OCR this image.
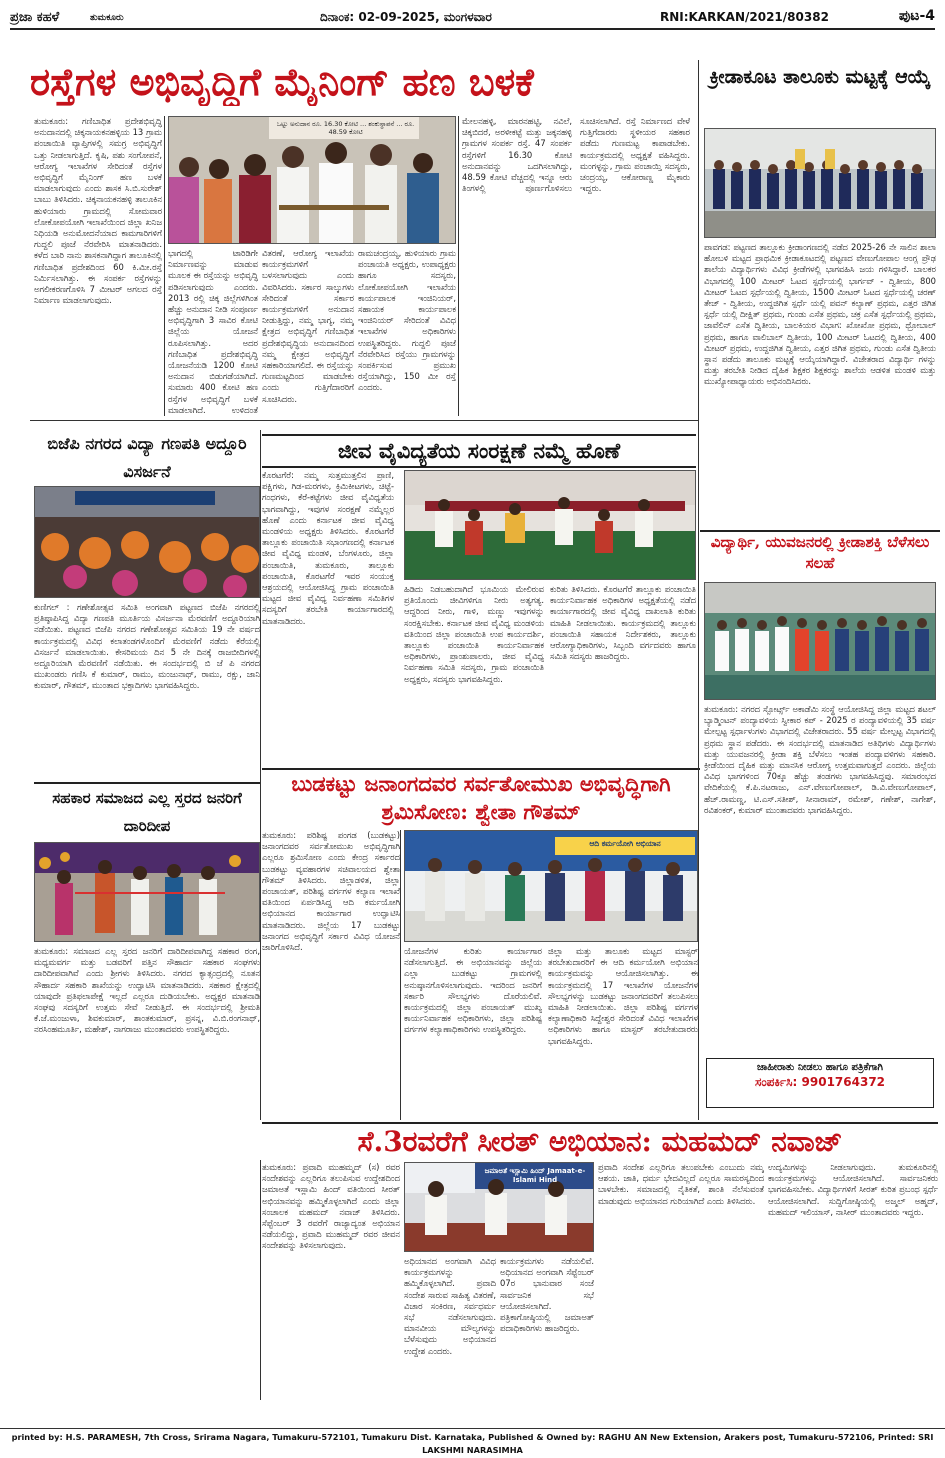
ಪ್ರಜಾ ಕಹಳೆ	ತುಮಕೂರು	ದಿನಾಂಕ: 02-09-2025, ಮಂಗಳವಾರ	RNI:KARKAN/2021/80382	ಪುಟ-4
ರಸ್ತೆಗಳ ಅಭಿವೃದ್ಧಿಗೆ ಮೈನಿಂಗ್ ಹಣ ಬಳಕೆ
ಒಟ್ಟು ಅನುದಾನ ರೂ. 16.30 ಕೋಟಿ ... ಶಂಕುಸ್ಥಾಪನೆ ... ರೂ. 48.59 ಕೋಟಿ
ತುಮಕೂರು: ಗಣಿಬಾಧಿತ ಪ್ರದೇಶಭಿವೃದ್ಧಿ ಅನುದಾನದಲ್ಲಿ ಚಿಕ್ಕನಾಯಕನಹಳ್ಳಿಯ 13 ಗ್ರಾಮ ಪಂಚಾಯಿತಿ ವ್ಯಾಪ್ತಿಗಳಲ್ಲಿ ಸಮಗ್ರ ಅಭಿವೃದ್ಧಿಗೆ ಒತ್ತು ನೀಡಲಾಗುತ್ತಿದೆ. ಕೃಷಿ, ಪಶು ಸಂಗೋಪನೆ, ಆರೋಗ್ಯ ಇಲಾಖೆಗಳ ಸೇರಿದಂತೆ ರಸ್ತೆಗಳ ಅಭಿವೃದ್ಧಿಗೆ ಮೈನಿಂಗ್ ಹಣ ಬಳಕೆ ಮಾಡಲಾಗುವುದು ಎಂದು ಶಾಸಕ ಸಿ.ಬಿ.ಸುರೇಶ್ ಬಾಬು ತಿಳಿಸಿದರು. ಚಿಕ್ಕನಾಯಕನಹಳ್ಳಿ ತಾಲೂಕಿನ ಹುಳಿಯಾರು ಗ್ರಾಮದಲ್ಲಿ ಸೋಮವಾರ ಲೋಕೋಪಯೋಗಿ ಇಲಾಖೆಯಿಂದ ಜಿಲ್ಲಾ ಖನಿಜ ನಿಧಿಯಡಿ ಅನುಮೋದನೆಯಾದ ಕಾಮಗಾರಿಗಳಿಗೆ ಗುದ್ದಲಿ ಪೂಜೆ ನೆರವೇರಿಸಿ ಮಾತನಾಡಿದರು. ಕಳೆದ ಬಾರಿ ನಾನು ಶಾಸಕನಾಗಿದ್ದಾಗ ತಾಲೂಕಿನಲ್ಲಿ ಗಣಿಬಾಧಿತ ಪ್ರದೇಶದಿಂದ 60 ಕಿ.ಮೀ.ರಸ್ತೆ ನಿರ್ಮಿಸಲಾಗಿತ್ತು. ಈ ಸಂಪರ್ಕ ರಸ್ತೆಗಳನ್ನು ಅಗಲೀಕರಣಗೊಳಿಸಿ 7 ಮೀಟರ್ ಅಗಲದ ರಸ್ತೆ ನಿರ್ಮಾಣ ಮಾಡಲಾಗುವುದು.
ಭಾಗದಲ್ಲಿ ಟಾರಿಡಿಗೇ ನಿರ್ಮಾಣವನ್ನು ಮಾಡುವ ಮೂಲಕ ಈ ರಸ್ತೆಯನ್ನು ಅಭಿವೃದ್ಧಿ ಪಡಿಸಲಾಗುವುದು ಎಂದರು. 2013 ರಲ್ಲಿ ಚಿಕ್ಕ ಜಿಲ್ಲೆಗಳಿಗಿಂತ ಹೆಚ್ಚು ಅನುದಾನ ನೀಡಿ ಸಂಪೂರ್ಣ ಅಭಿವೃದ್ಧಿಗಾಗಿ 3 ಸಾವಿರ ಕೋಟಿ ಜಿಲ್ಲೆಯ ಯೋಜನೆ ರೂಪಿಸಲಾಗಿತ್ತು. ಅದರ ಗಣಿಬಾಧಿತ ಪ್ರದೇಶಭಿವೃದ್ಧಿ ಯೋಜನೆಯಡಿ 1200 ಕೋಟಿ ಅನುದಾನ ಬಿಡುಗಡೆಯಾಗಿದೆ. ಸುಮಾರು 400 ಕೋಟಿ ಹಣ ರಸ್ತೆಗಳ ಅಭಿವೃದ್ಧಿಗೆ ಬಳಕೆ ಮಾಡಲಾಗಿದೆ. ಉಳಿದಂತೆ
ವಿತರಣೆ, ಆರೋಗ್ಯ ಇಲಾಖೆಯ ಕಾರ್ಯಕ್ರಮಗಳಿಗೆ ಬಳಸಲಾಗುವುದು ಎಂದು ವಿವರಿಸಿದರು. ಸರ್ಕಾರ ಸಾಲ್ಕುಗಳು ಸೇರಿದಂತೆ ಸರ್ಕಾರ ಕಾರ್ಯಕ್ರಮಗಳಿಗೆ ಅನುದಾನ ನೀಡುತ್ತಿದ್ದು, ನಮ್ಮ ಭಾಗ್ಯ, ನಮ್ಮ ಕ್ಷೇತ್ರದ ಅಭಿವೃದ್ಧಿಗೆ ಗಣಿಬಾಧಿತ ಪ್ರದೇಶಭಿವೃದ್ಧಿಯ ಅನುದಾನದಿಂದ ನಮ್ಮ ಕ್ಷೇತ್ರದ ಅಭಿವೃದ್ಧಿಗೆ ಸಹಕಾರಿಯಾಗಲಿದೆ. ಈ ರಸ್ತೆಯನ್ನು ಗುಣಮಟ್ಟದಿಂದ ಮಾಡಬೇಕು ಎಂದು ಗುತ್ತಿಗೆದಾರರಿಗೆ ಸೂಚಿಸಿದರು.
ರಾಮಚಂದ್ರಯ್ಯ, ಹುಳಿಯಾರು ಗ್ರಾಮ ಪಂಚಾಯತಿ ಅಧ್ಯಕ್ಷರು, ಉಪಾಧ್ಯಕ್ಷರು ಹಾಗೂ ಸದಸ್ಯರು, ಲೋಕೋಪಯೋಗಿ ಇಲಾಖೆಯ ಕಾರ್ಯಪಾಲಕ ಇಂಜಿನಿಯರ್, ಸಹಾಯಕ ಕಾರ್ಯಪಾಲಕ ಇಂಜಿನಿಯರ್ ಸೇರಿದಂತೆ ವಿವಿಧ ಇಲಾಖೆಗಳ ಅಧಿಕಾರಿಗಳು ಉಪಸ್ಥಿತರಿದ್ದರು. ಗುದ್ದಲಿ ಪೂಜೆ ನೆರವೇರಿಸಿದ ರಸ್ತೆಯು ಗ್ರಾಮಗಳನ್ನು ಸಂಪರ್ಕಿಸುವ ಪ್ರಮುಖ ರಸ್ತೆಯಾಗಿದ್ದು, 150 ಮೀ ರಸ್ತೆ ಎಂದರು.
ಮೇಲನಹಳ್ಳಿ, ಮಾರನಹಟ್ಟಿ, ನವಿಲೆ, ಚಿಕ್ಕಬಿದರೆ, ಅರಳೀಕಟ್ಟೆ ಮತ್ತು ಜಕ್ಕನಹಳ್ಳಿ ಗ್ರಾಮಗಳ ಸಂಪರ್ಕ ರಸ್ತೆ. 47 ಸಂಪರ್ಕ ರಸ್ತೆಗಳಿಗೆ 16.30 ಕೋಟಿ ಅನುದಾನವನ್ನು ಒದಗಿಸಲಾಗಿದ್ದು, 48.59 ಕೋಟಿ ವೆಚ್ಚದಲ್ಲಿ ಇನ್ನೂ ಆರು ತಿಂಗಳಲ್ಲಿ ಪೂರ್ಣಗೊಳಿಸಲು ಸೂಚಿಸಲಾಗಿದೆ. ರಸ್ತೆ ನಿರ್ಮಾಣದ ವೇಳೆ ಗುತ್ತಿಗೆದಾರರು ಸ್ಥಳೀಯರ ಸಹಕಾರ ಪಡೆದು ಗುಣಮಟ್ಟ ಕಾಪಾಡಬೇಕು. ಕಾರ್ಯಕ್ರಮದಲ್ಲಿ ಅಧ್ಯಕ್ಷತೆ ವಹಿಸಿದ್ದರು. ಮಂಗಳ್ಳನ್ನು, ಗ್ರಾಮ ಪಂಚಾಯ್ತಿ ಸದಸ್ಯರು, ಚಂದ್ರಯ್ಯ, ಆಕೋರಾಣ್ಣ ಮೈಕಾರು ಇದ್ದರು.
ಕ್ರೀಡಾಕೂಟ ತಾಲೂಕು ಮಟ್ಟಕ್ಕೆ ಆಯ್ಕೆ
ಪಾವಗಡ: ಪಟ್ಟಣದ ತಾಲ್ಲೂಕು ಕ್ರೀಡಾಂಗಣದಲ್ಲಿ ನಡೆದ 2025-26 ನೇ ಸಾಲಿನ ಶಾಲಾ ಹೋಬಳಿ ಮಟ್ಟದ ಪ್ರಾಥಮಿಕ ಕ್ರೀಡಾಕೂಟದಲ್ಲಿ ಪಟ್ಟಣದ ವೇಣುಗೋಪಾಲ ಆಂಗ್ಲ ಪ್ರೌಢ ಶಾಲೆಯ ವಿದ್ಯಾರ್ಥಿಗಳು ವಿವಿಧ ಕ್ರೀಡೆಗಳಲ್ಲಿ ಭಾಗವಹಿಸಿ ಜಯ ಗಳಿಸಿದ್ದಾರೆ. ಬಾಲಕರ ವಿಭಾಗದಲ್ಲಿ 100 ಮೀಟರ್ ಓಟದ ಸ್ಪರ್ಧೆಯಲ್ಲಿ ಭಾರ್ಗವ್ - ದ್ವಿತೀಯ, 800 ಮೀಟರ್ ಓಟದ ಸ್ಪರ್ಧೆಯಲ್ಲಿ ದ್ವಿತೀಯ, 1500 ಮೀಟರ್ ಓಟದ ಸ್ಪರ್ಧೆಯಲ್ಲಿ ಚರಣ್ ತೇಜ್ - ದ್ವಿತೀಯ, ಉದ್ದಜಿಗಿತ ಸ್ಪರ್ಧೆ ಯಲ್ಲಿ ಪವನ್ ಕಲ್ಯಾಣ್ ಪ್ರಥಮ, ಎತ್ತರ ಜಿಗಿತ ಸ್ಪರ್ಧೆ ಯಲ್ಲಿ ದೀಕ್ಷಿತ್ ಪ್ರಥಮ, ಗುಂಡು ಎಸೆತ ಪ್ರಥಮ, ಚಕ್ರ ಎಸೆತ ಸ್ಪರ್ಧೆಯಲ್ಲಿ ಪ್ರಥಮ, ಜಾವೆಲಿನ್ ಎಸೆತ ದ್ವಿತೀಯ, ಬಾಲಕಿಯರ ವಿಭಾಗ: ಖೋಖೋ ಪ್ರಥಮ, ಥ್ರೋಬಾಲ್ ಪ್ರಥಮ, ಹಾಗೂ ವಾಲಿಬಾಲ್ ದ್ವಿತೀಯ, 100 ಮೀಟರ್ ಓಟದಲ್ಲಿ ದ್ವಿತೀಯ, 400 ಮೀಟರ್ ಪ್ರಥಮ, ಉದ್ದಜಿಗಿತ ದ್ವಿತೀಯ, ಎತ್ತರ ಜಿಗಿತ ಪ್ರಥಮ, ಗುಂಡು ಎಸೆತ ದ್ವಿತೀಯ ಸ್ಥಾನ ಪಡೆದು ತಾಲೂಕು ಮಟ್ಟಕ್ಕೆ ಆಯ್ಕೆಯಾಗಿದ್ದಾರೆ. ವಿಜೇತರಾದ ವಿದ್ಯಾರ್ಥಿ ಗಳನ್ನು ಮತ್ತು ತರಬೇತಿ ನೀಡಿದ ದೈಹಿಕ ಶಿಕ್ಷಕರ ಶಿಕ್ಷಕರನ್ನು ಶಾಲೆಯ ಆಡಳಿತ ಮಂಡಳಿ ಮತ್ತು ಮುಖ್ಯೋಪಾಧ್ಯಾಯರು ಅಭಿನಂದಿಸಿದರು.
ಬಿಜೆಪಿ ನಗರದ ವಿದ್ಯಾ ಗಣಪತಿ ಅದ್ದೂರಿ ವಿಸರ್ಜನೆ
ಕುಣಿಗಲ್ : ಗಣೇಶೋತ್ಸವ ಸಮಿತಿ ಅಂಗವಾಗಿ ಪಟ್ಟಣದ ಬಿಜೆಪಿ ನಗರದಲ್ಲಿ ಪ್ರತಿಷ್ಠಾಪಿಸಿದ್ದ ವಿದ್ಯಾ ಗಣಪತಿ ಮೂರ್ತಿಯ ವಿಸರ್ಜನಾ ಮೆರವಣಿಗೆ ಅದ್ದೂರಿಯಾಗಿ ನಡೆಯಿತು. ಪಟ್ಟಣದ ಬಿಜೆಪಿ ನಗರದ ಗಣೇಶೋತ್ಸವ ಸಮಿತಿಯ 19 ನೇ ವರ್ಷದ ಕಾರ್ಯಕ್ರಮದಲ್ಲಿ ವಿವಿಧ ಕಲಾತಂಡಗಳೊಂದಿಗೆ ಮೆರವಣಿಗೆ ನಡೆದು ಕೆರೆಯಲ್ಲಿ ವಿಸರ್ಜನೆ ಮಾಡಲಾಯಿತು. ಕೇಸರಿಮಯ ದಿನ 5 ನೇ ದಿನಕ್ಕೆ ರಾಜಬೀದಿಗಳಲ್ಲಿ ಅದ್ದೂರಿಯಾಗಿ ಮೆರವಣಿಗೆ ನಡೆಯಿತು. ಈ ಸಂದರ್ಭದಲ್ಲಿ ಬಿ ಜೆ ಪಿ ನಗರದ ಮುಖಂಡರು ಗಣಿಸಿ ಕೆ ಕುಮಾರ್, ರಾಮು, ಮಂಜುನಾಥ್, ರಾಮು, ರಕ್ಷು, ಜಾನಿ ಕುಮಾರ್, ಗೌತಮ್, ಮುಂತಾದ ಭಕ್ತಾದಿಗಳು ಭಾಗವಹಿಸಿದ್ದರು.
ಜೀವ ವೈವಿದ್ಯತೆಯ ಸಂರಕ್ಷಣೆ ನಮ್ಮೆ ಹೊಣೆ
ಕೊರಟಗೆರೆ: ನಮ್ಮ ಸುತ್ತಮುತ್ತಲಿನ ಪ್ರಾಣಿ, ಪಕ್ಷಿಗಳು, ಗಿಡ-ಮರಗಳು, ಕ್ರಿಮಿಕೀಟಗಳು, ಚಿಟ್ಟೆ-ಗಂಧಗಳು, ಕೆರೆ-ಕಟ್ಟೆಗಳು ಜೀವ ವೈವಿಧ್ಯತೆಯ ಭಾಗವಾಗಿದ್ದು, ಇವುಗಳ ಸಂರಕ್ಷಣೆ ನಮ್ಮೆಲ್ಲರ ಹೊಣೆ ಎಂದು ಕರ್ನಾಟಕ ಜೀವ ವೈವಿಧ್ಯ ಮಂಡಳಿಯ ಅಧ್ಯಕ್ಷರು ತಿಳಿಸಿದರು. ಕೊರಟಗೆರೆ ತಾಲ್ಲೂಕು ಪಂಚಾಯಿತಿ ಸಭಾಂಗಣದಲ್ಲಿ ಕರ್ನಾಟಕ ಜೀವ ವೈವಿಧ್ಯ ಮಂಡಳಿ, ಬೆಂಗಳೂರು, ಜಿಲ್ಲಾ ಪಂಚಾಯಿತಿ, ತುಮಕೂರು, ತಾಲ್ಲೂಕು ಪಂಚಾಯಿತಿ, ಕೊರಟಗೆರೆ ಇವರ ಸಂಯುಕ್ತ ಆಶ್ರಯದಲ್ಲಿ ಆಯೋಜಿಸಿದ್ದ ಗ್ರಾಮ ಪಂಚಾಯಿತಿ ಮಟ್ಟದ ಜೀವ ವೈವಿಧ್ಯ ನಿರ್ವಹಣಾ ಸಮಿತಿಗಳ ಸದಸ್ಯರಿಗೆ ತರಬೇತಿ ಕಾರ್ಯಾಗಾರದಲ್ಲಿ ಮಾತನಾಡಿದರು.
ಹಿಡಿದು ನಿಡಬಹುದಾಗಿದೆ ಭೂಮಿಯ ಮೇಲಿರುವ ಪ್ರತಿಯೊಂದು ಜೀವಿಗಳಿಗೂ ನೀರು ಅತ್ಯಗತ್ಯ. ಆದ್ದರಿಂದ ನೀರು, ಗಾಳಿ, ಮಣ್ಣು ಇವುಗಳನ್ನು ಸಂರಕ್ಷಿಸಬೇಕು. ಕರ್ನಾಟಕ ಜೀವ ವೈವಿಧ್ಯ ಮಂಡಳಿಯ ವತಿಯಿಂದ ಜಿಲ್ಲಾ ಪಂಚಾಯಿತಿ ಉಪ ಕಾರ್ಯದರ್ಶಿ, ತಾಲ್ಲೂಕು ಪಂಚಾಯಿತಿ ಕಾರ್ಯನಿರ್ವಾಹಕ ಅಧಿಕಾರಿಗಳು, ಪ್ರಾಂಶುಪಾಲರು, ಜೀವ ವೈವಿಧ್ಯ ನಿರ್ವಹಣಾ ಸಮಿತಿ ಸದಸ್ಯರು, ಗ್ರಾಮ ಪಂಚಾಯಿತಿ ಅಧ್ಯಕ್ಷರು, ಸದಸ್ಯರು ಭಾಗವಹಿಸಿದ್ದರು.
ಕುರಿತು ತಿಳಿಸಿದರು. ಕೊರಟಗೆರೆ ತಾಲ್ಲೂಕು ಪಂಚಾಯಿತಿ ಕಾರ್ಯನಿರ್ವಾಹಕ ಅಧಿಕಾರಿಗಳ ಅಧ್ಯಕ್ಷತೆಯಲ್ಲಿ ನಡೆದ ಕಾರ್ಯಾಗಾರದಲ್ಲಿ ಜೀವ ವೈವಿಧ್ಯ ದಾಖಲಾತಿ ಕುರಿತು ಮಾಹಿತಿ ನೀಡಲಾಯಿತು. ಕಾರ್ಯಕ್ರಮದಲ್ಲಿ ತಾಲ್ಲೂಕು ಪಂಚಾಯಿತಿ ಸಹಾಯಕ ನಿರ್ದೇಶಕರು, ತಾಲ್ಲೂಕು ಆರೋಗ್ಯಾಧಿಕಾರಿಗಳು, ಸಿಬ್ಬಂದಿ ವರ್ಗದವರು ಹಾಗೂ ಸಮಿತಿ ಸದಸ್ಯರು ಹಾಜರಿದ್ದರು.
ವಿದ್ಯಾರ್ಥಿ, ಯುವಜನರಲ್ಲಿ ಕ್ರೀಡಾಶಕ್ತಿ ಬೆಳೆಸಲು ಸಲಹೆ
ತುಮಕೂರು: ನಗರದ ಸ್ಪೋರ್ಟ್ಸ್ ಅಕಾಡೆಮಿ ಸಂಸ್ಥೆ ಆಯೋಜಿಸಿದ್ದ ಜಿಲ್ಲಾ ಮಟ್ಟದ ಶಟಲ್ ಬ್ಯಾಡ್ಮಿಂಟನ್ ಪಂದ್ಯಾವಳಿಯ ಸ್ವೀಕಾರ ಕಪ್ - 2025 ರ ಪಂದ್ಯಾವಳಿಯಲ್ಲಿ 35 ವರ್ಷ ಮೇಲ್ಪಟ್ಟ ಸ್ಪರ್ಧಾಳುಗಳು ವಿಭಾಗದಲ್ಲಿ ವಿಜೇತರಾದರು. 55 ವರ್ಷ ಮೇಲ್ಪಟ್ಟ ವಿಭಾಗದಲ್ಲಿ ಪ್ರಥಮ ಸ್ಥಾನ ಪಡೆದರು. ಈ ಸಂದರ್ಭದಲ್ಲಿ ಮಾತನಾಡಿದ ಅತಿಥಿಗಳು ವಿದ್ಯಾರ್ಥಿಗಳು ಮತ್ತು ಯುವಜನರಲ್ಲಿ ಕ್ರೀಡಾ ಶಕ್ತಿ ಬೆಳೆಸಲು ಇಂತಹ ಪಂದ್ಯಾವಳಿಗಳು ಸಹಕಾರಿ. ಕ್ರೀಡೆಯಿಂದ ದೈಹಿಕ ಮತ್ತು ಮಾನಸಿಕ ಆರೋಗ್ಯ ಉತ್ತಮವಾಗುತ್ತದೆ ಎಂದರು. ಜಿಲ್ಲೆಯ ವಿವಿಧ ಭಾಗಗಳಿಂದ 70ಕ್ಕೂ ಹೆಚ್ಚು ತಂಡಗಳು ಭಾಗವಹಿಸಿದ್ದವು. ಸಮಾರಂಭದ ವೇದಿಕೆಯಲ್ಲಿ ಕೆ.ಪಿ.ನಟರಾಜು, ಎನ್.ವೇಣುಗೋಪಾಲ್, ಡಿ.ವಿ.ವೇಣುಗೋಪಾಲ್, ಹೆಚ್.ರಾಮಣ್ಣ, ಟಿ.ಎಸ್.ಸತೀಶ್, ಸೀನಾರಾಮ್, ರಮೇಶ್, ಗಣೇಶ್, ನಾಗೇಶ್, ರವಿಶಂಕರ್, ಕುಮಾರ್ ಮುಂತಾದವರು ಭಾಗವಹಿಸಿದ್ದರು.
ಜಾಹೀರಾತು ನೀಡಲು ಹಾಗೂ ಪತ್ರಿಕೆಗಾಗಿ
ಸಂಪರ್ಕಿಸಿ: 9901764372
ಸಹಕಾರ ಸಮಾಜದ ಎಲ್ಲ ಸ್ತರದ ಜನರಿಗೆ ದಾರಿದೀಪ
ತುಮಕೂರು: ಸಮಾಜದ ಎಲ್ಲ ಸ್ತರದ ಜನರಿಗೆ ದಾರಿದೀಪವಾಗಿದ್ದ ಸಹಕಾರ ರಂಗ, ಮಧ್ಯಮವರ್ಗ ಮತ್ತು ಬಡವರಿಗೆ ಪತ್ತಿನ ಸೌಹಾರ್ದ ಸಹಕಾರ ಸಂಘಗಳು ದಾರಿದೀಪವಾಗಿವೆ ಎಂದು ಶ್ರೀಗಳು ತಿಳಿಸಿದರು. ನಗರದ ಕ್ಯಾತ್ಸಂದ್ರದಲ್ಲಿ ನೂತನ ಸೌಹಾರ್ದ ಸಹಕಾರಿ ಶಾಖೆಯನ್ನು ಉದ್ಘಾಟಿಸಿ ಮಾತನಾಡಿದರು. ಸಹಕಾರ ಕ್ಷೇತ್ರದಲ್ಲಿ ಯಾವುದೇ ಪ್ರತಿಫಲಾಪೇಕ್ಷೆ ಇಲ್ಲದೆ ಎಲ್ಲರೂ ದುಡಿಯಬೇಕು. ಅಧ್ಯಕ್ಷರ ಮಾತನಾಡಿ ಸಂಘವು ಸದಸ್ಯರಿಗೆ ಉತ್ತಮ ಸೇವೆ ನೀಡುತ್ತಿದೆ. ಈ ಸಂದರ್ಭದಲ್ಲಿ ಶ್ರೀಮತಿ ಕೆ.ಜೆ.ಮಂಜುಳಾ, ಶಿವಕುಮಾರ್, ಶಾಂತಕುಮಾರ್, ಪ್ರಸನ್ನ, ವಿ.ಬಿ.ರಂಗನಾಥ್, ನರಸಿಂಹಮೂರ್ತಿ, ಮಹೇಶ್, ನಾಗರಾಜು ಮುಂತಾದವರು ಉಪಸ್ಥಿತರಿದ್ದರು.
ಬುಡಕಟ್ಟು ಜನಾಂಗದವರ ಸರ್ವತೋಮುಖ ಅಭಿವೃದ್ಧಿಗಾಗಿ ಶ್ರಮಿಸೋಣ: ಶ್ವೇತಾ ಗೌತಮ್
ತುಮಕೂರು: ಪರಿಶಿಷ್ಟ ಪಂಗಡ (ಬುಡಕಟ್ಟು) ಜನಾಂಗದವರ ಸರ್ವತೋಮುಖ ಅಭಿವೃದ್ಧಿಗಾಗಿ ಎಲ್ಲರೂ ಶ್ರಮಿಸೋಣ ಎಂದು ಕೇಂದ್ರ ಸರ್ಕಾರದ ಬುಡಕಟ್ಟು ವ್ಯವಹಾರಗಳ ಸಚಿವಾಲಯದ ಶ್ವೇತಾ ಗೌತಮ್ ತಿಳಿಸಿದರು. ಜಿಲ್ಲಾಡಳಿತ, ಜಿಲ್ಲಾ ಪಂಚಾಯತ್, ಪರಿಶಿಷ್ಟ ವರ್ಗಗಳ ಕಲ್ಯಾಣ ಇಲಾಖೆ ವತಿಯಿಂದ ಏರ್ಪಡಿಸಿದ್ದ ಆದಿ ಕರ್ಮಯೋಗಿ ಅಭಿಯಾನದ ಕಾರ್ಯಾಗಾರ ಉದ್ಘಾಟಿಸಿ ಮಾತನಾಡಿದರು. ಜಿಲ್ಲೆಯ 17 ಬುಡಕಟ್ಟು ಜನಾಂಗದ ಅಭಿವೃದ್ಧಿಗೆ ಸರ್ಕಾರ ವಿವಿಧ ಯೋಜನೆ ಜಾರಿಗೊಳಿಸಿದೆ.
ಆದಿ ಕರ್ಮಯೋಗಿ ಅಭಿಯಾನ
ಯೋಜನೆಗಳ ಕುರಿತು ಕಾರ್ಯಾಗಾರ ನಡೆಸಲಾಗುತ್ತಿದೆ. ಈ ಅಭಿಯಾನವನ್ನು ಜಿಲ್ಲೆಯ ಎಲ್ಲಾ ಬುಡಕಟ್ಟು ಗ್ರಾಮಗಳಲ್ಲಿ ಅನುಷ್ಠಾನಗೊಳಿಸಲಾಗುವುದು. ಇದರಿಂದ ಜನರಿಗೆ ಸರ್ಕಾರಿ ಸೌಲಭ್ಯಗಳು ದೊರೆಯಲಿವೆ. ಕಾರ್ಯಕ್ರಮದಲ್ಲಿ ಜಿಲ್ಲಾ ಪಂಚಾಯತ್ ಮುಖ್ಯ ಕಾರ್ಯನಿರ್ವಾಹಕ ಅಧಿಕಾರಿಗಳು, ಜಿಲ್ಲಾ ಪರಿಶಿಷ್ಟ ವರ್ಗಗಳ ಕಲ್ಯಾಣಾಧಿಕಾರಿಗಳು ಉಪಸ್ಥಿತರಿದ್ದರು.
ಜಿಲ್ಲಾ ಮತ್ತು ತಾಲೂಕು ಮಟ್ಟದ ಮಾಸ್ಟರ್ ತರಬೇತುದಾರರಿಗೆ ಈ ಆದಿ ಕರ್ಮಯೋಗಿ ಅಭಿಯಾನ ಕಾರ್ಯಕ್ರಮವನ್ನು ಆಯೋಜಿಸಲಾಗಿತ್ತು. ಈ ಕಾರ್ಯಕ್ರಮದಲ್ಲಿ 17 ಇಲಾಖೆಗಳ ಯೋಜನೆಗಳ ಸೌಲಭ್ಯಗಳನ್ನು ಬುಡಕಟ್ಟು ಜನಾಂಗದವರಿಗೆ ತಲುಪಿಸಲು ಮಾಹಿತಿ ನೀಡಲಾಯಿತು. ಜಿಲ್ಲಾ ಪರಿಶಿಷ್ಟ ವರ್ಗಗಳ ಕಲ್ಯಾಣಾಧಿಕಾರಿ ಸಿದ್ದೇಶ್ವರ ಸೇರಿದಂತೆ ವಿವಿಧ ಇಲಾಖೆಗಳ ಅಧಿಕಾರಿಗಳು ಹಾಗೂ ಮಾಸ್ಟರ್ ತರಬೇತುದಾರರು ಭಾಗವಹಿಸಿದ್ದರು.
ಸೆ.3ರವರೆಗೆ ಸೀರತ್ ಅಭಿಯಾನ: ಮಹಮದ್ ನವಾಜ್
ತುಮಕೂರು: ಪ್ರವಾದಿ ಮುಹಮ್ಮದ್ (ಸ) ರವರ ಸಂದೇಶವನ್ನು ಎಲ್ಲರಿಗೂ ತಲುಪಿಸುವ ಉದ್ದೇಶದಿಂದ ಜಮಾಅತೆ ಇಸ್ಲಾಮಿ ಹಿಂದ್ ವತಿಯಿಂದ ಸೀರತ್ ಅಭಿಯಾನವನ್ನು ಹಮ್ಮಿಕೊಳ್ಳಲಾಗಿದೆ ಎಂದು ಜಿಲ್ಲಾ ಸಂಚಾಲಕ ಮಹಮದ್ ನವಾಜ್ ತಿಳಿಸಿದರು. ಸೆಪ್ಟೆಂಬರ್ 3 ರವರೆಗೆ ರಾಜ್ಯಾದ್ಯಂತ ಅಭಿಯಾನ ನಡೆಯಲಿದ್ದು, ಪ್ರವಾದಿ ಮುಹಮ್ಮದ್ ರವರ ಜೀವನ ಸಂದೇಶವನ್ನು ತಿಳಿಸಲಾಗುವುದು.
ಜಮಾಅತೆ ಇಸ್ಲಾಮಿ ಹಿಂದ್ Jamaat-e-Islami Hind
ಅಧಿಯಾನದ ಅಂಗವಾಗಿ ವಿವಿಧ ಕಾರ್ಯಕ್ರಮಗಳನ್ನು ಹಮ್ಮಿಕೊಳ್ಳಲಾಗಿದೆ. ಪ್ರವಾದಿ ಸಂದೇಶ ಸಾರುವ ಸಾಹಿತ್ಯ ವಿತರಣೆ, ವಿಚಾರ ಸಂಕಿರಣ, ಸರ್ವಧರ್ಮ ಸಭೆ ನಡೆಸಲಾಗುವುದು. ಮಾನವೀಯ ಮೌಲ್ಯಗಳನ್ನು ಬೆಳೆಸುವುದು ಅಭಿಯಾನದ ಉದ್ದೇಶ ಎಂದರು.
ಕಾರ್ಯಕ್ರಮಗಳು ನಡೆಯಲಿವೆ. ಅಧಿಯಾನದ ಅಂಗವಾಗಿ ಸೆಪ್ಟೆಂಬರ್ 07ರ ಭಾನುವಾರ ಸಂಜೆ ಸಾರ್ವಜನಿಕ ಸಭೆ ಆಯೋಜಿಸಲಾಗಿದೆ. ಪತ್ರಿಕಾಗೋಷ್ಠಿಯಲ್ಲಿ ಜಮಾಅತ್ ಪದಾಧಿಕಾರಿಗಳು ಹಾಜರಿದ್ದರು.
ಪ್ರವಾದಿ ಸಂದೇಶ ಎಲ್ಲರಿಗೂ ತಲುಪಬೇಕು ಎಂಬುದು ನಮ್ಮ ಆಶಯ. ಜಾತಿ, ಧರ್ಮ ಭೇದವಿಲ್ಲದೆ ಎಲ್ಲರೂ ಸಾಮರಸ್ಯದಿಂದ ಬಾಳಬೇಕು. ಸಮಾಜದಲ್ಲಿ ನೈತಿಕತೆ, ಶಾಂತಿ ನೆಲೆಸುವಂತೆ ಮಾಡುವುದು ಅಭಿಯಾನದ ಗುರಿಯಾಗಿದೆ ಎಂದು ತಿಳಿಸಿದರು.
ಉದ್ಯಮಿಗಳನ್ನು ನೀಡಲಾಗುವುದು. ತುಮಕೂರಿನಲ್ಲಿ ಕಾರ್ಯಕ್ರಮಗಳನ್ನು ಆಯೋಜಿಸಲಾಗಿದೆ. ಸಾರ್ವಜನಿಕರು ಭಾಗವಹಿಸಬೇಕು. ವಿದ್ಯಾರ್ಥಿಗಳಿಗೆ ಸೀರತ್ ಕುರಿತ ಪ್ರಬಂಧ ಸ್ಪರ್ಧೆ ಆಯೋಜಿಸಲಾಗಿದೆ. ಸುದ್ದಿಗೋಷ್ಠಿಯಲ್ಲಿ ಅಜ್ಮಲ್ ಅಹ್ಮದ್, ಮಹಮದ್ ಇಲಿಯಾಸ್, ನಾಸೀರ್ ಮುಂತಾದವರು ಇದ್ದರು.
printed by: H.S. PARAMESH, 7th Cross, Srirama Nagara, Tumakuru-572101, Tumakuru Dist. Karnataka, Published & Owned by: RAGHU AN New Extension, Arakers post, Tumakuru-572106, Printed: SRI LAKSHMI NARASIMHA
